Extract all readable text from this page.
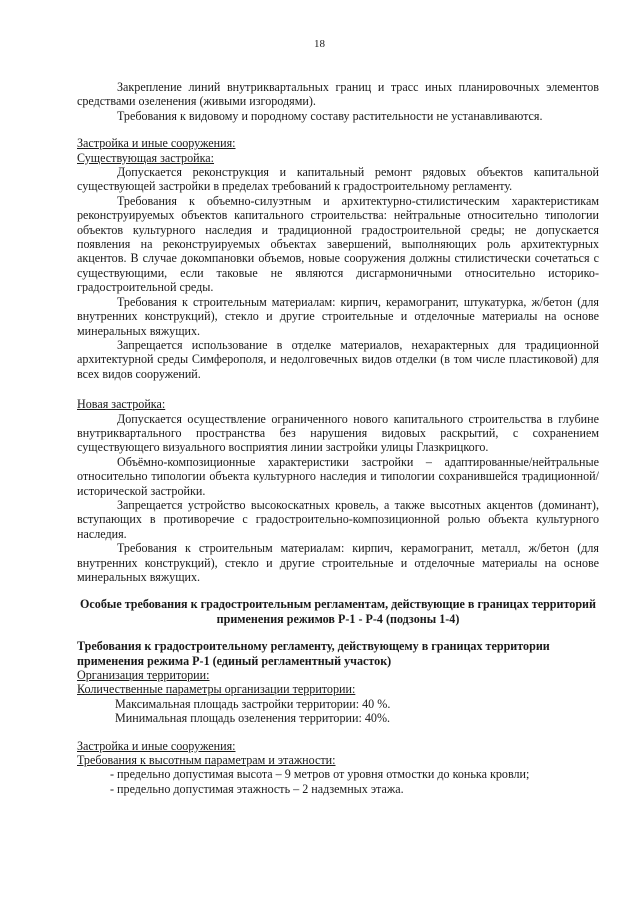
18

Закрепление линий внутриквартальных границ и трасс иных планировочных элементов средствами озеленения (живыми изгородями).

Требования к видовому и породному составу растительности не устанавливаются.

Застройка и иные сооружения:

Существующая застройка:

Допускается реконструкция и капитальный ремонт рядовых объектов капитальной существующей застройки в пределах требований к градостроительному регламенту.

Требования к объемно-силуэтным и архитектурно-стилистическим характеристикам реконструируемых объектов капитального строительства: нейтральные относительно типологии объектов культурного наследия и традиционной градостроительной среды; не допускается появления на реконструируемых объектах завершений, выполняющих роль архитектурных акцентов. В случае докомпановки объемов, новые сооружения должны стилистически сочетаться с существующими, если таковые не являются дисгармоничными относительно историко-градостроительной среды.

Требования к строительным материалам: кирпич, керамогранит, штукатурка, ж/бетон (для внутренних конструкций), стекло и другие строительные и отделочные материалы на основе минеральных вяжущих.

Запрещается использование в отделке материалов, нехарактерных для традиционной архитектурной среды Симферополя, и недолговечных видов отделки (в том числе пластиковой) для всех видов сооружений.

Новая застройка:

Допускается осуществление ограниченного нового капитального строительства в глубине внутриквартального пространства без нарушения видовых раскрытий, с сохранением существующего визуального восприятия линии застройки улицы Глазкрицкого.

Объёмно-композиционные характеристики застройки – адаптированные/нейтральные относительно типологии объекта культурного наследия и типологии сохранившейся традиционной/исторической застройки.

Запрещается устройство высокоскатных кровель, а также высотных акцентов (доминант), вступающих в противоречие с градостроительно-композиционной ролью объекта культурного наследия.

Требования к строительным материалам: кирпич, керамогранит, металл, ж/бетон (для внутренних конструкций), стекло и другие строительные и отделочные материалы на основе минеральных вяжущих.

Особые требования к градостроительным регламентам, действующие в границах территорий применения режимов Р-1 - Р-4 (подзоны 1-4)

Требования к градостроительному регламенту, действующему в границах территории применения режима Р-1 (единый регламентный участок)

Организация территории:

Количественные параметры организации территории:

Максимальная площадь застройки территории: 40 %.

Минимальная площадь озеленения территории: 40%.

Застройка и иные сооружения:

Требования к высотным параметрам и этажности:

- предельно допустимая высота – 9 метров от уровня отмостки до конька кровли;

- предельно допустимая этажность – 2 надземных этажа.
